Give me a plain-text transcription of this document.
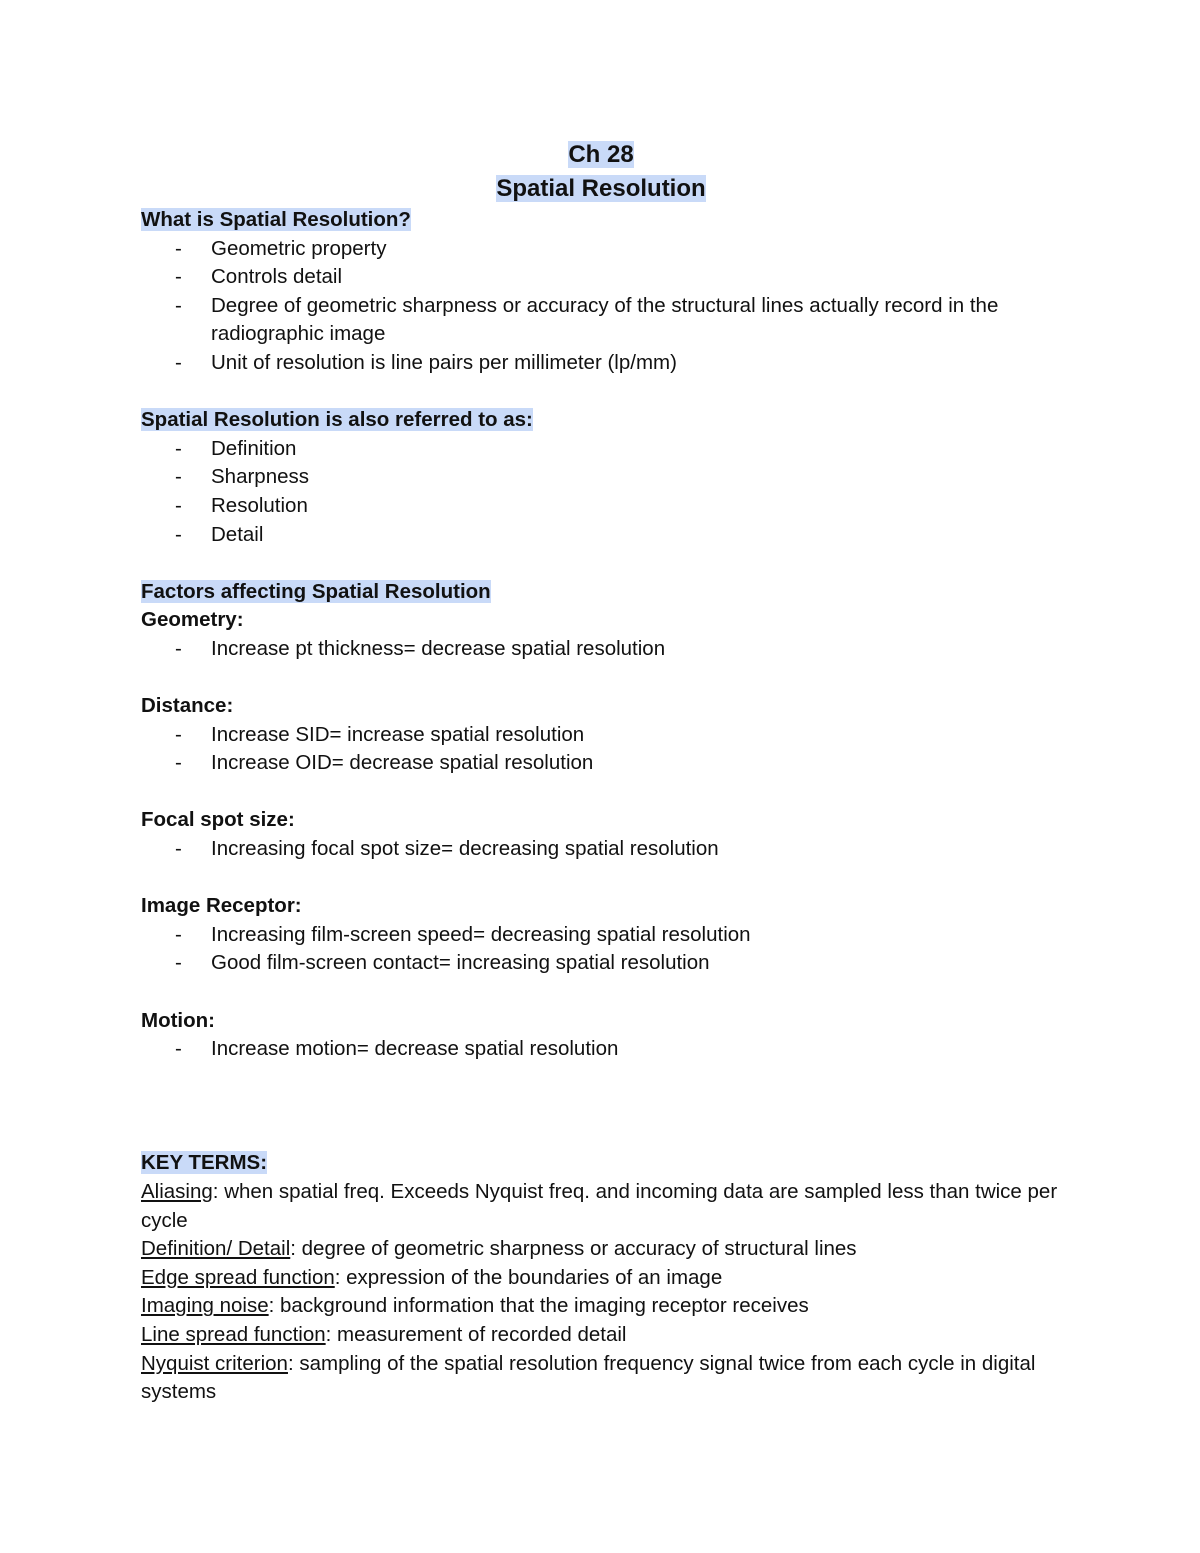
Ch 28
Spatial Resolution
What is Spatial Resolution?
- Geometric property
- Controls detail
- Degree of geometric sharpness or accuracy of the structural lines actually record in the radiographic image
- Unit of resolution is line pairs per millimeter (lp/mm)
Spatial Resolution is also referred to as:
- Definition
- Sharpness
- Resolution
- Detail
Factors affecting Spatial Resolution
Geometry:
- Increase pt thickness= decrease spatial resolution
Distance:
- Increase SID= increase spatial resolution
- Increase OID= decrease spatial resolution
Focal spot size:
- Increasing focal spot size= decreasing spatial resolution
Image Receptor:
- Increasing film-screen speed= decreasing spatial resolution
- Good film-screen contact= increasing spatial resolution
Motion:
- Increase motion= decrease spatial resolution
KEY TERMS:
Aliasing: when spatial freq. Exceeds Nyquist freq. and incoming data are sampled less than twice per cycle
Definition/ Detail: degree of geometric sharpness or accuracy of structural lines
Edge spread function: expression of the boundaries of an image
Imaging noise: background information that the imaging receptor receives
Line spread function: measurement of recorded detail
Nyquist criterion: sampling of the spatial resolution frequency signal twice from each cycle in digital systems
